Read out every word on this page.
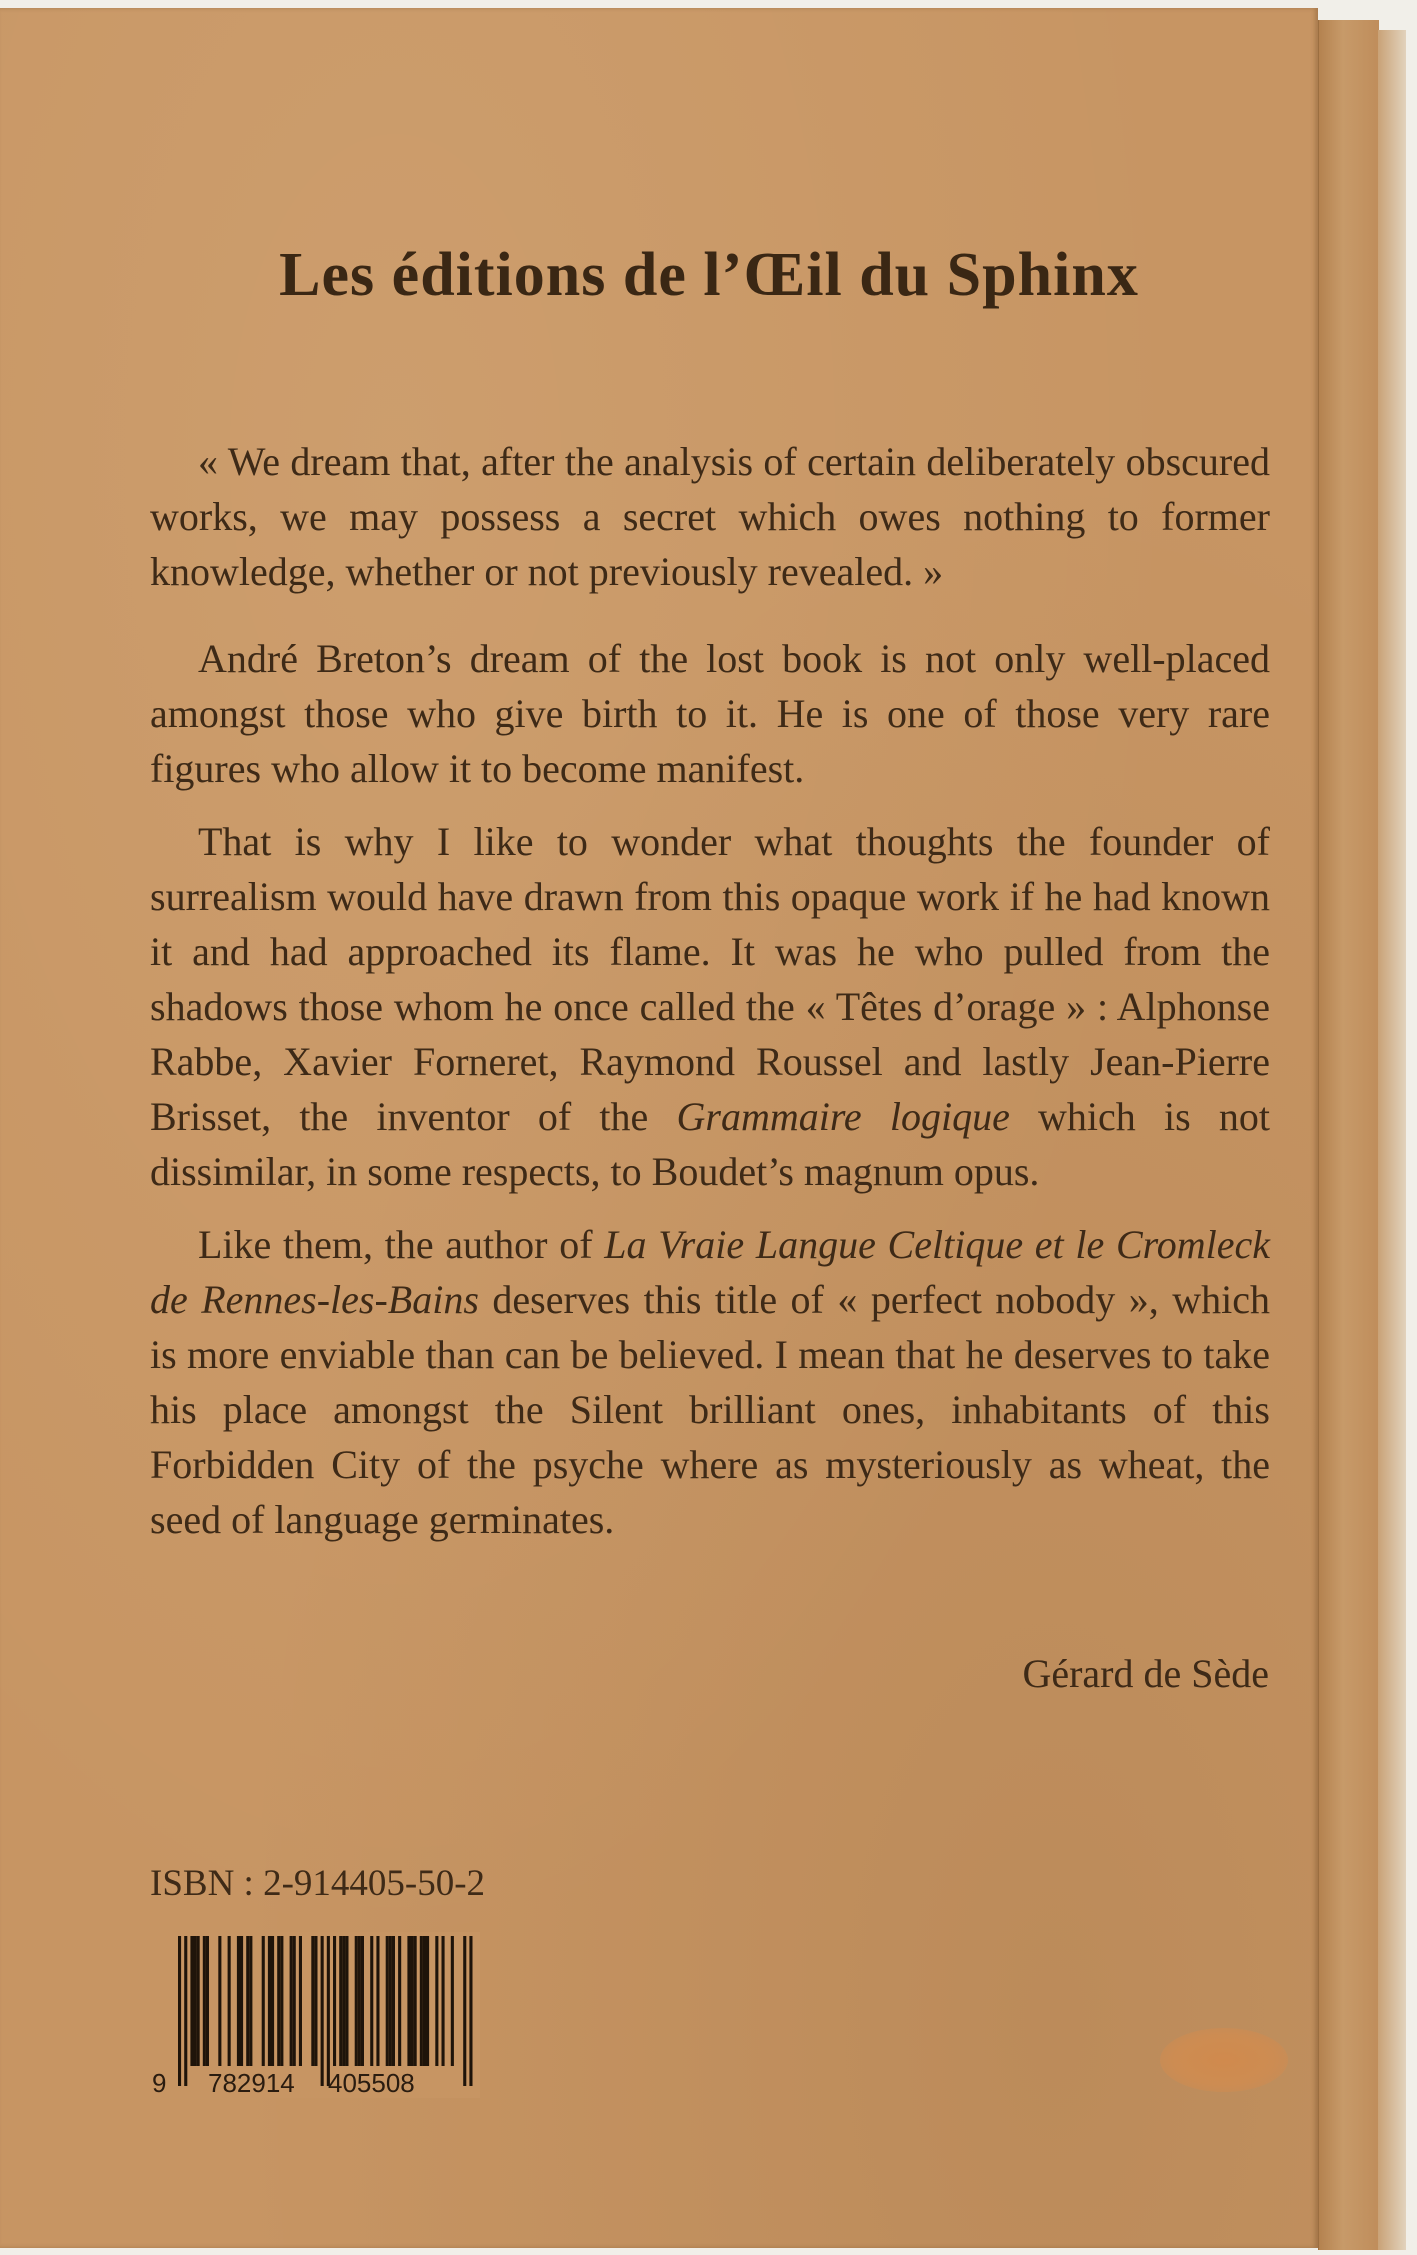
Les éditions de l’Œil du Sphinx

« We dream that, after the analysis of certain deliberately obscured works, we may possess a secret which owes nothing to former knowledge, whether or not previously revealed. »

André Breton’s dream of the lost book is not only well-placed amongst those who give birth to it. He is one of those very rare figures who allow it to become manifest.

That is why I like to wonder what thoughts the founder of surrealism would have drawn from this opaque work if he had known it and had approached its flame. It was he who pulled from the shadows those whom he once called the « Têtes d’orage » : Alphonse Rabbe, Xavier Forneret, Raymond Roussel and lastly Jean-Pierre Brisset, the inventor of the Grammaire logique which is not dissimilar, in some respects, to Boudet’s magnum opus.

Like them, the author of La Vraie Langue Celtique et le Cromleck de Rennes-les-Bains deserves this title of « perfect nobody », which is more enviable than can be believed. I mean that he deserves to take his place amongst the Silent brilliant ones, inhabitants of this Forbidden City of the psyche where as mysteriously as wheat, the seed of language germinates.

Gérard de Sède
ISBN : 2-914405-50-2
9 782914 405508
